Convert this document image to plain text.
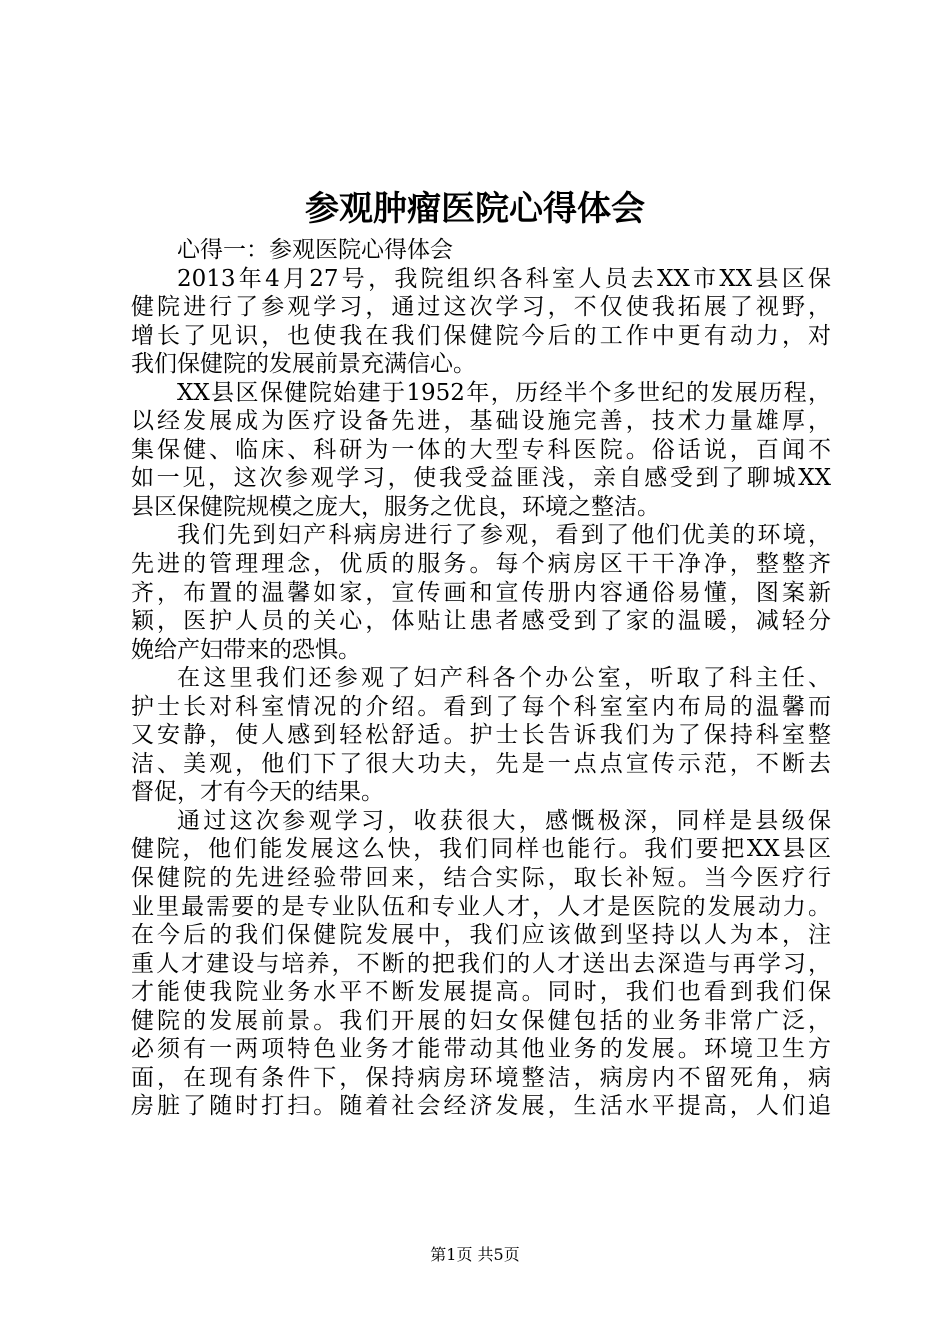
参观肿瘤医院心得体会
心得一：参观医院心得体会
2013年4月27号，我院组织各科室人员去XX市XX县区保
健院进行了参观学习，通过这次学习，不仅使我拓展了视野，
增长了见识，也使我在我们保健院今后的工作中更有动力，对
我们保健院的发展前景充满信心。
XX县区保健院始建于1952年，历经半个多世纪的发展历程，
以经发展成为医疗设备先进，基础设施完善，技术力量雄厚，
集保健、临床、科研为一体的大型专科医院。俗话说，百闻不
如一见，这次参观学习，使我受益匪浅，亲自感受到了聊城XX
县区保健院规模之庞大，服务之优良，环境之整洁。
我们先到妇产科病房进行了参观，看到了他们优美的环境，
先进的管理理念，优质的服务。每个病房区干干净净，整整齐
齐，布置的温馨如家，宣传画和宣传册内容通俗易懂，图案新
颖，医护人员的关心，体贴让患者感受到了家的温暖，减轻分
娩给产妇带来的恐惧。
在这里我们还参观了妇产科各个办公室，听取了科主任、
护士长对科室情况的介绍。看到了每个科室室内布局的温馨而
又安静，使人感到轻松舒适。护士长告诉我们为了保持科室整
洁、美观，他们下了很大功夫，先是一点点宣传示范，不断去
督促，才有今天的结果。
通过这次参观学习，收获很大，感慨极深，同样是县级保
健院，他们能发展这么快，我们同样也能行。我们要把XX县区
保健院的先进经验带回来，结合实际，取长补短。当今医疗行
业里最需要的是专业队伍和专业人才，人才是医院的发展动力。
在今后的我们保健院发展中，我们应该做到坚持以人为本，注
重人才建设与培养，不断的把我们的人才送出去深造与再学习，
才能使我院业务水平不断发展提高。同时，我们也看到我们保
健院的发展前景。我们开展的妇女保健包括的业务非常广泛，
必须有一两项特色业务才能带动其他业务的发展。环境卫生方
面，在现有条件下，保持病房环境整洁，病房内不留死角，病
房脏了随时打扫。随着社会经济发展，生活水平提高，人们追
第1页 共5页
